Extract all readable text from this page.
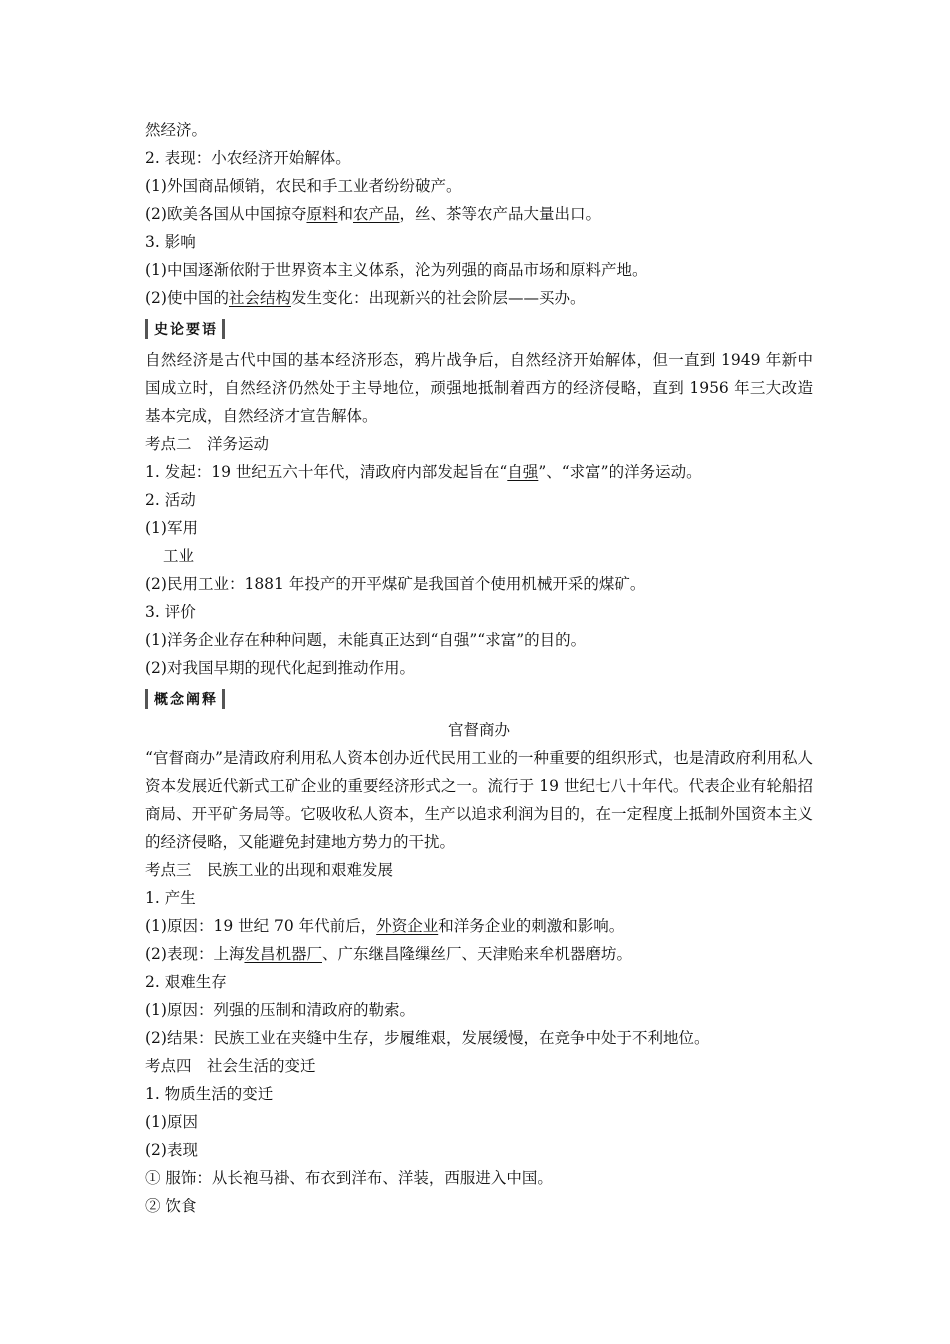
然经济。
2. 表现：小农经济开始解体。
(1)外国商品倾销，农民和手工业者纷纷破产。
(2)欧美各国从中国掠夺原料和农产品，丝、茶等农产品大量出口。
3. 影响
(1)中国逐渐依附于世界资本主义体系，沦为列强的商品市场和原料产地。
(2)使中国的社会结构发生变化：出现新兴的社会阶层——买办。
史论要语
自然经济是古代中国的基本经济形态，鸦片战争后，自然经济开始解体，但一直到 1949 年新中国成立时，自然经济仍然处于主导地位，顽强地抵制着西方的经济侵略，直到 1956 年三大改造基本完成，自然经济才宣告解体。
考点二　洋务运动
1. 发起：19 世纪五六十年代，清政府内部发起旨在“自强”、“求富”的洋务运动。
2. 活动
(1)军用
工业
(2)民用工业：1881 年投产的开平煤矿是我国首个使用机械开采的煤矿。
3. 评价
(1)洋务企业存在种种问题，未能真正达到“自强”“求富”的目的。
(2)对我国早期的现代化起到推动作用。
概念阐释
官督商办
“官督商办”是清政府利用私人资本创办近代民用工业的一种重要的组织形式，也是清政府利用私人资本发展近代新式工矿企业的重要经济形式之一。流行于 19 世纪七八十年代。代表企业有轮船招商局、开平矿务局等。它吸收私人资本，生产以追求利润为目的，在一定程度上抵制外国资本主义的经济侵略，又能避免封建地方势力的干扰。
考点三　民族工业的出现和艰难发展
1. 产生
(1)原因：19 世纪 70 年代前后，外资企业和洋务企业的刺激和影响。
(2)表现：上海发昌机器厂、广东继昌隆缫丝厂、天津贻来牟机器磨坊。
2. 艰难生存
(1)原因：列强的压制和清政府的勒索。
(2)结果：民族工业在夹缝中生存，步履维艰，发展缓慢，在竞争中处于不利地位。
考点四　社会生活的变迁
1. 物质生活的变迁
(1)原因
(2)表现
① 服饰：从长袍马褂、布衣到洋布、洋装，西服进入中国。
② 饮食
